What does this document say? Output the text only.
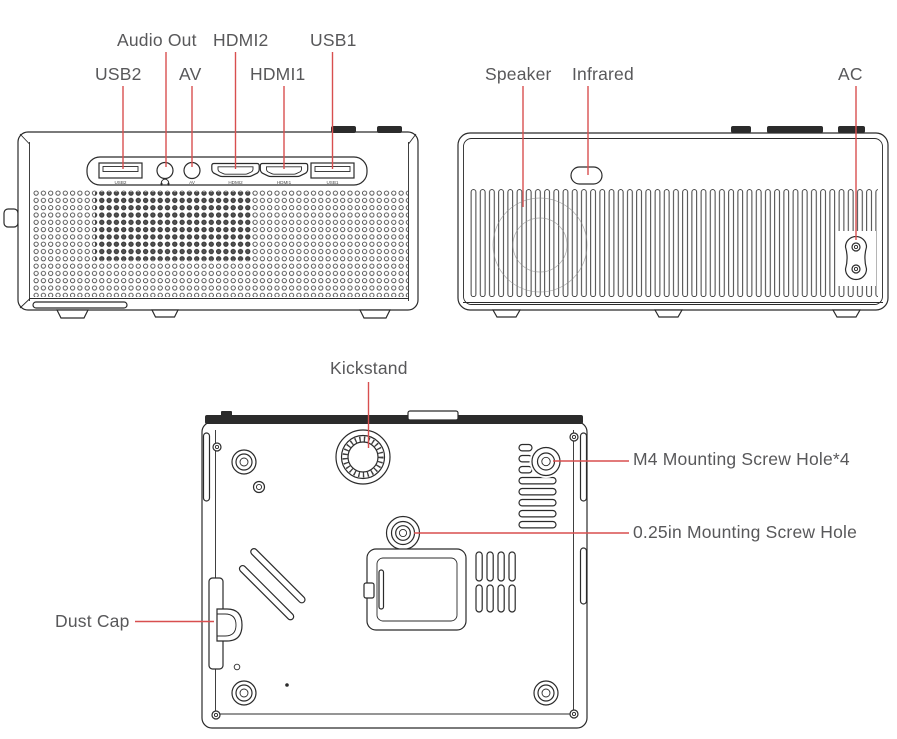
USB2	AV	HDMI2	HDMI1	USB1
Audio Out HDMI2 USB1
USB2 AV	HDMI1	Speaker Infrared	AC
Kickstand
M4 Mounting Screw Hole*4
0.25in Mounting Screw Hole
Dust Cap
